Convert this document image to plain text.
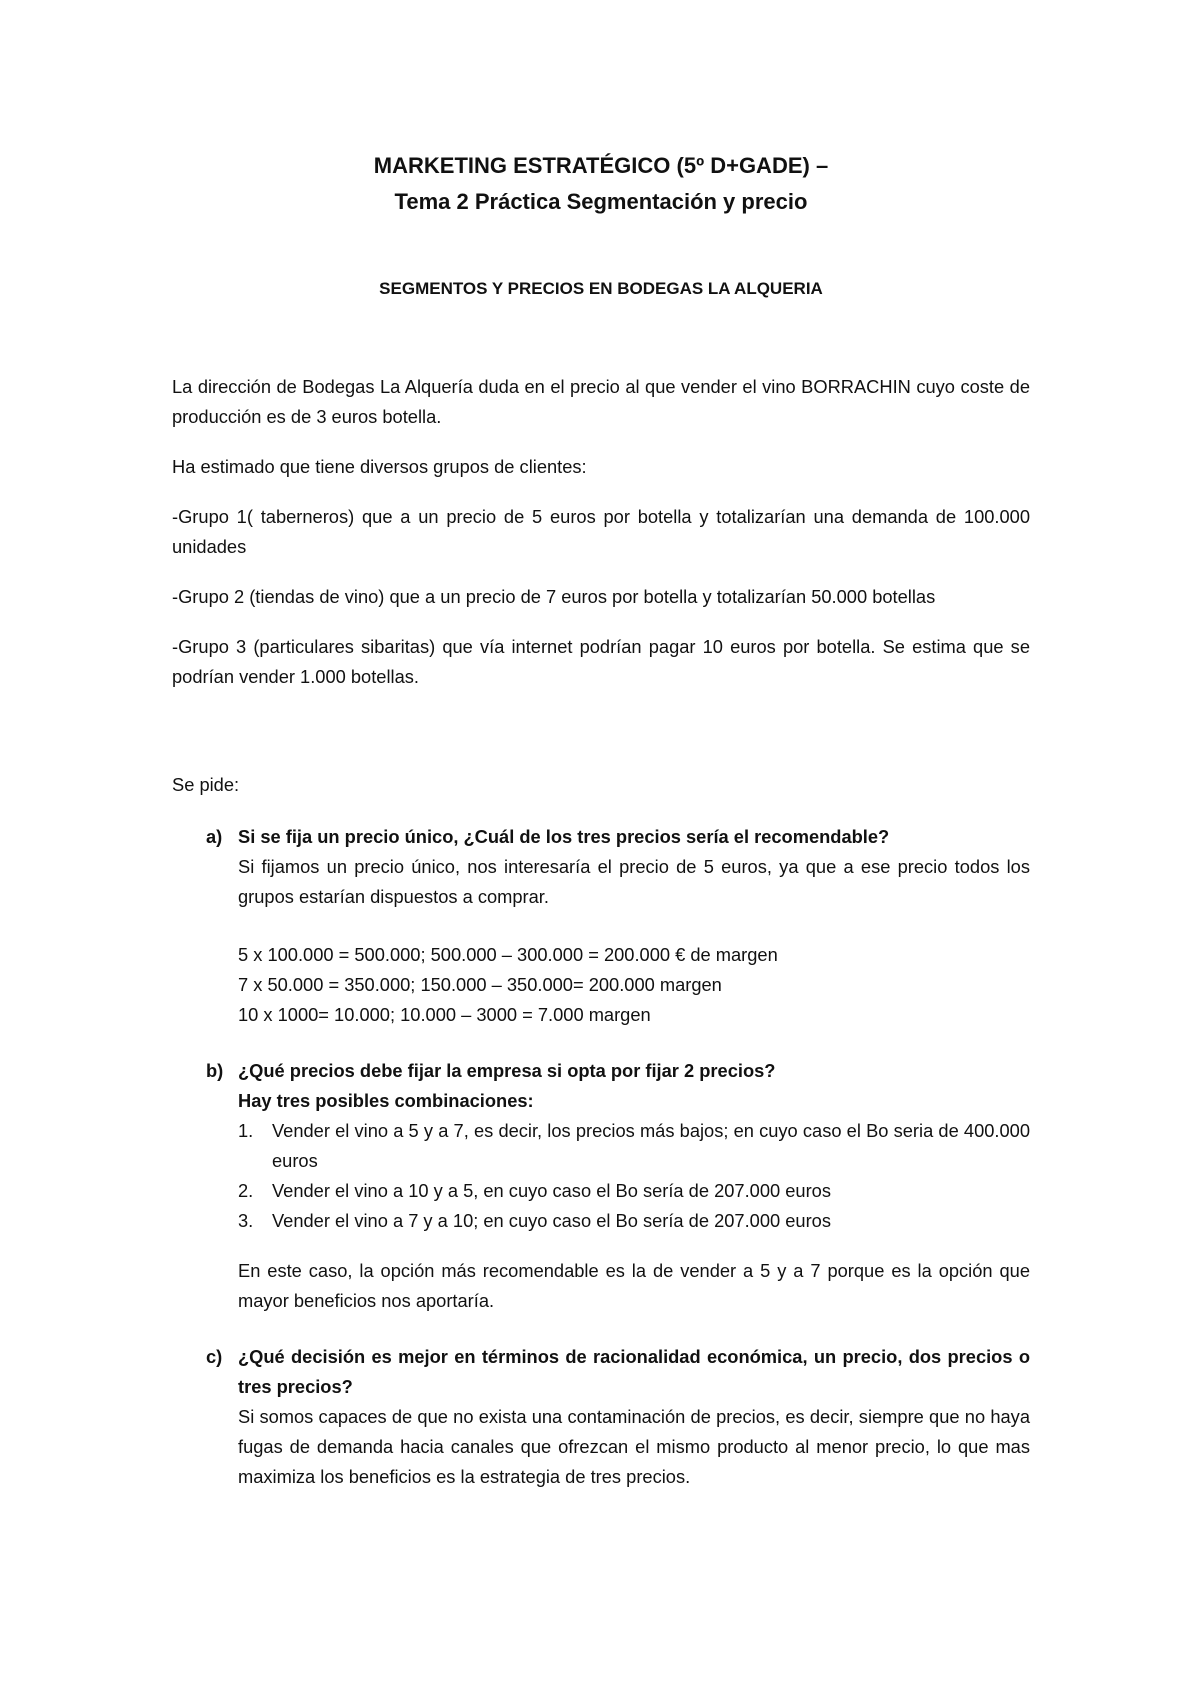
MARKETING ESTRATÉGICO (5º D+GADE) –
Tema 2 Práctica Segmentación y precio
SEGMENTOS Y PRECIOS EN BODEGAS LA ALQUERIA

La dirección de Bodegas La Alquería duda en el precio al que vender el vino BORRACHIN cuyo coste de producción es de 3 euros botella.

Ha estimado que tiene diversos grupos de clientes:

-Grupo 1( taberneros) que a un precio de 5 euros por botella y totalizarían una demanda de 100.000 unidades

-Grupo 2 (tiendas de vino) que a un precio de 7 euros por botella y totalizarían 50.000 botellas

-Grupo 3 (particulares sibaritas) que vía internet podrían pagar 10 euros por botella. Se estima que se podrían vender 1.000 botellas.

Se pide:

a) Si se fija un precio único, ¿Cuál de los tres precios sería el recomendable?

Si fijamos un precio único, nos interesaría el precio de 5 euros, ya que a ese precio todos los grupos estarían dispuestos a comprar.

5 x 100.000 = 500.000; 500.000 – 300.000 = 200.000 € de margen
7 x 50.000 = 350.000; 150.000 – 350.000= 200.000 margen
10 x 1000= 10.000; 10.000 – 3000 = 7.000 margen
b) ¿Qué precios debe fijar la empresa si opta por fijar 2 precios?
Hay tres posibles combinaciones:
1. Vender el vino a 5 y a 7, es decir, los precios más bajos; en cuyo caso el Bo seria de 400.000 euros
2. Vender el vino a 10 y a 5, en cuyo caso el Bo sería de 207.000 euros
3. Vender el vino a 7 y a 10; en cuyo caso el Bo sería de 207.000 euros

En este caso, la opción más recomendable es la de vender a 5 y a 7 porque es la opción que mayor beneficios nos aportaría.

c) ¿Qué decisión es mejor en términos de racionalidad económica, un precio, dos precios o tres precios?

Si somos capaces de que no exista una contaminación de precios, es decir, siempre que no haya fugas de demanda hacia canales que ofrezcan el mismo producto al menor precio, lo que mas maximiza los beneficios es la estrategia de tres precios.
